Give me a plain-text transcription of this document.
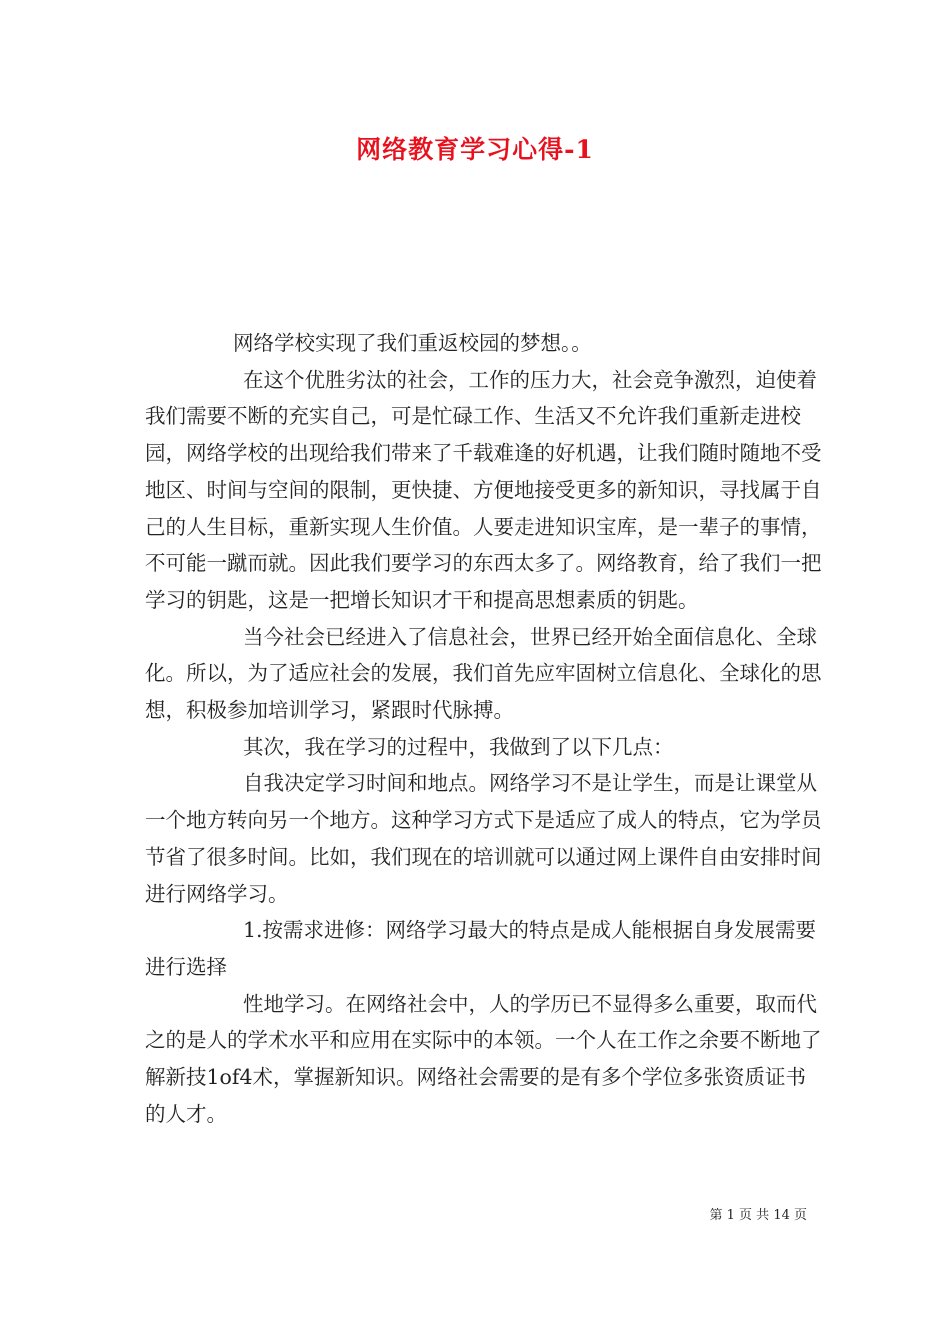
网络教育学习心得-1

网络学校实现了我们重返校园的梦想。。

在这个优胜劣汰的社会，工作的压力大，社会竞争激烈，迫使着我们需要不断的充实自己，可是忙碌工作、生活又不允许我们重新走进校园，网络学校的出现给我们带来了千载难逢的好机遇，让我们随时随地不受地区、时间与空间的限制，更快捷、方便地接受更多的新知识，寻找属于自己的人生目标，重新实现人生价值。人要走进知识宝库，是一辈子的事情，不可能一蹴而就。因此我们要学习的东西太多了。网络教育，给了我们一把学习的钥匙，这是一把增长知识才干和提高思想素质的钥匙。

当今社会已经进入了信息社会，世界已经开始全面信息化、全球化。所以，为了适应社会的发展，我们首先应牢固树立信息化、全球化的思想，积极参加培训学习，紧跟时代脉搏。

其次，我在学习的过程中，我做到了以下几点：

自我决定学习时间和地点。网络学习不是让学生，而是让课堂从一个地方转向另一个地方。这种学习方式下是适应了成人的特点，它为学员节省了很多时间。比如，我们现在的培训就可以通过网上课件自由安排时间进行网络学习。

1.按需求进修：网络学习最大的特点是成人能根据自身发展需要进行选择

性地学习。在网络社会中，人的学历已不显得多么重要，取而代之的是人的学术水平和应用在实际中的本领。一个人在工作之余要不断地了解新技1of4术，掌握新知识。网络社会需要的是有多个学位多张资质证书的人才。

第 1 页 共 14 页
